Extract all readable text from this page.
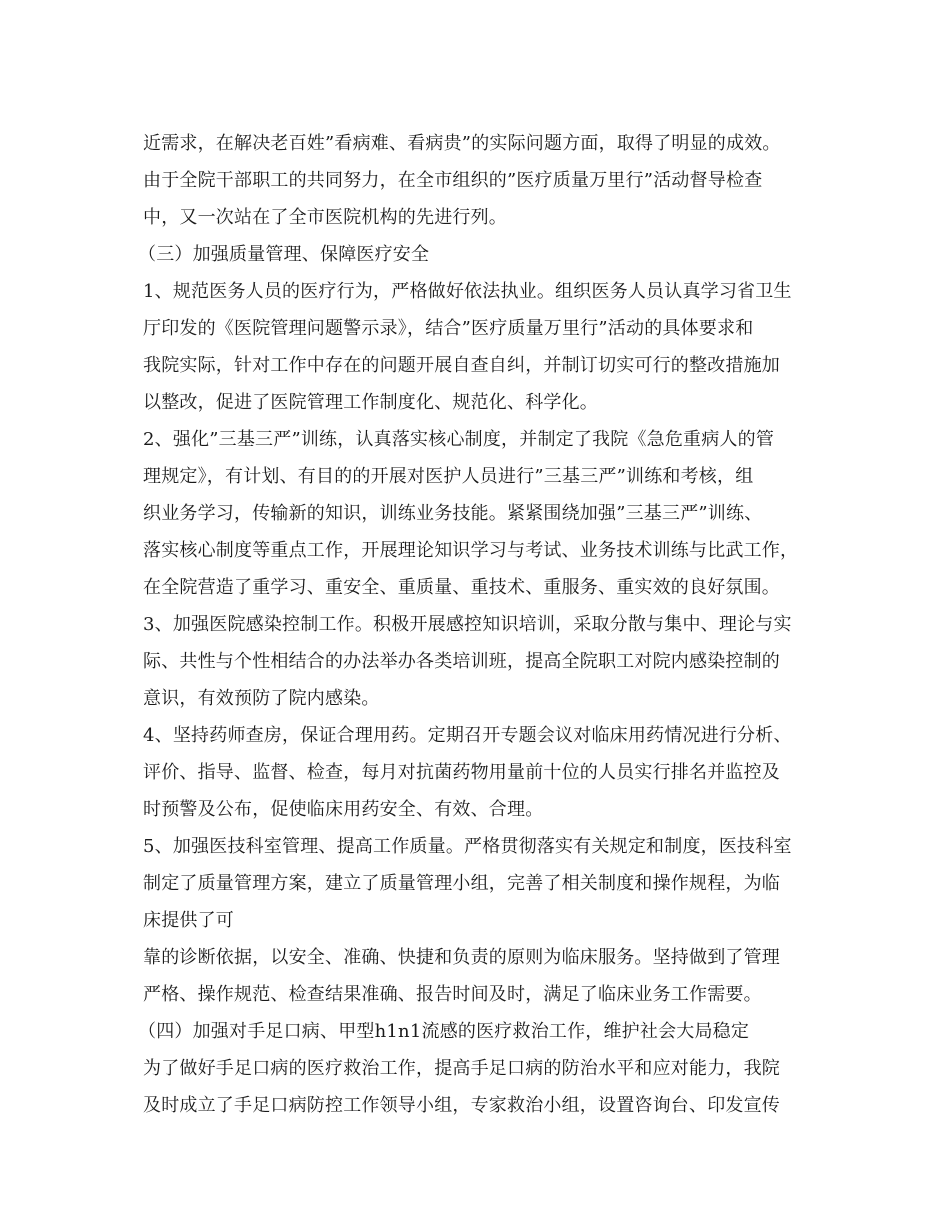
近需求，在解决老百姓”看病难、看病贵”的实际问题方面，取得了明显的成效。
由于全院干部职工的共同努力，在全市组织的”医疗质量万里行”活动督导检查
中，又一次站在了全市医院机构的先进行列。
（三）加强质量管理、保障医疗安全
1、规范医务人员的医疗行为，严格做好依法执业。组织医务人员认真学习省卫生
厅印发的《医院管理问题警示录》，结合”医疗质量万里行”活动的具体要求和
我院实际，针对工作中存在的问题开展自查自纠，并制订切实可行的整改措施加
以整改，促进了医院管理工作制度化、规范化、科学化。
2、强化”三基三严”训练，认真落实核心制度，并制定了我院《急危重病人的管
理规定》，有计划、有目的的开展对医护人员进行”三基三严”训练和考核，组
织业务学习，传输新的知识，训练业务技能。紧紧围绕加强”三基三严”训练、
落实核心制度等重点工作，开展理论知识学习与考试、业务技术训练与比武工作，
在全院营造了重学习、重安全、重质量、重技术、重服务、重实效的良好氛围。
3、加强医院感染控制工作。积极开展感控知识培训，采取分散与集中、理论与实
际、共性与个性相结合的办法举办各类培训班，提高全院职工对院内感染控制的
意识，有效预防了院内感染。
4、坚持药师查房，保证合理用药。定期召开专题会议对临床用药情况进行分析、
评价、指导、监督、检查，每月对抗菌药物用量前十位的人员实行排名并监控及
时预警及公布，促使临床用药安全、有效、合理。
5、加强医技科室管理、提高工作质量。严格贯彻落实有关规定和制度，医技科室
制定了质量管理方案，建立了质量管理小组，完善了相关制度和操作规程，为临
床提供了可
靠的诊断依据，以安全、准确、快捷和负责的原则为临床服务。坚持做到了管理
严格、操作规范、检查结果准确、报告时间及时，满足了临床业务工作需要。
（四）加强对手足口病、甲型h1n1流感的医疗救治工作，维护社会大局稳定
为了做好手足口病的医疗救治工作，提高手足口病的防治水平和应对能力，我院
及时成立了手足口病防控工作领导小组，专家救治小组，设置咨询台、印发宣传
